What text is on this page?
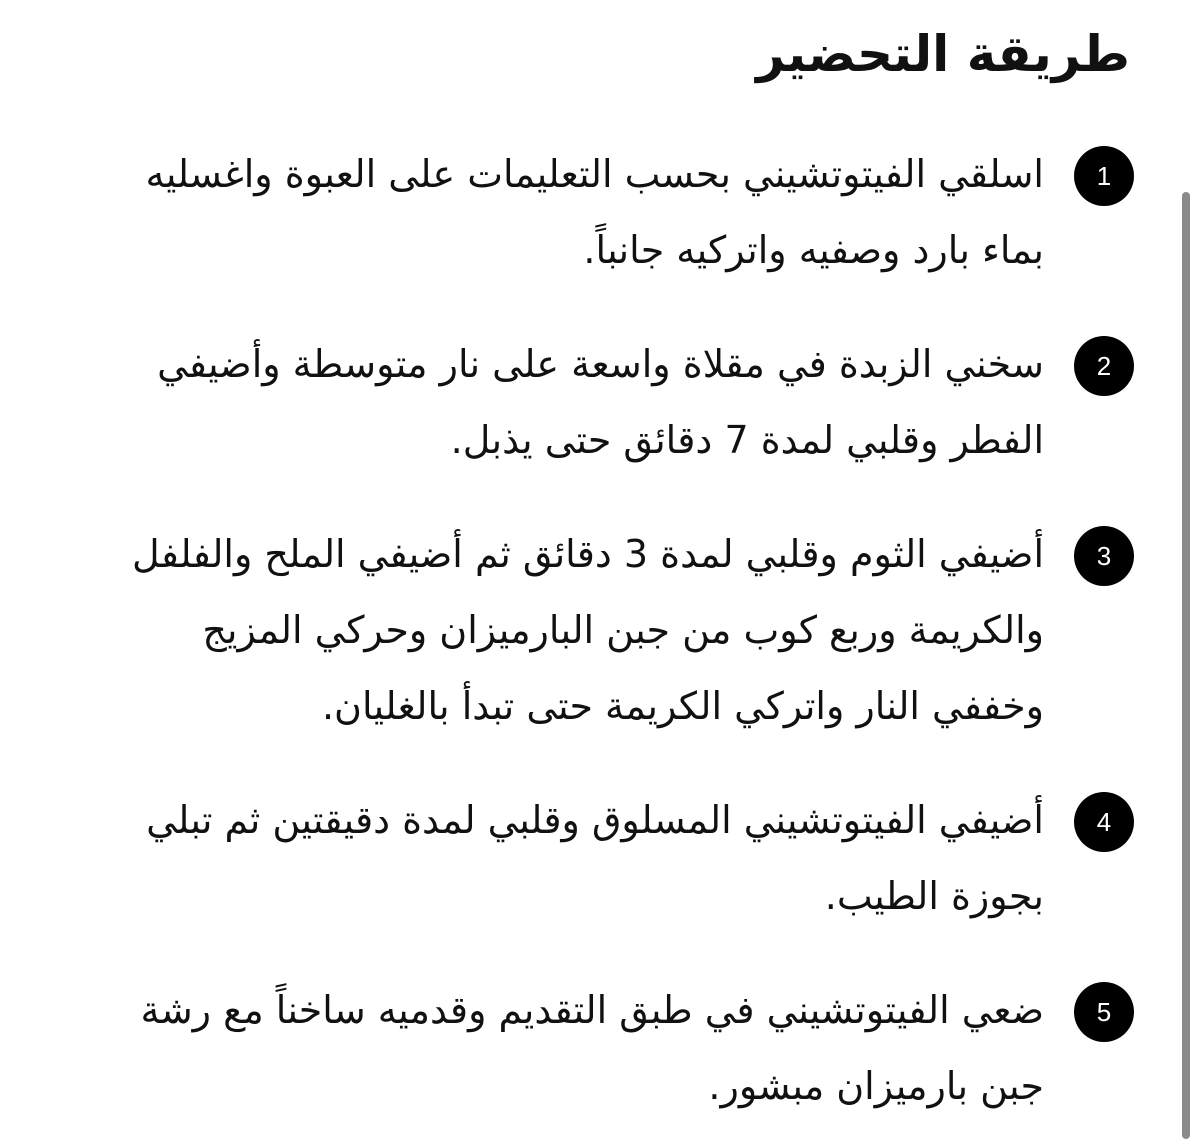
طريقة التحضير
1

اسلقي الفيتوتشيني بحسب التعليمات على العبوة واغسليه بماء بارد وصفيه واتركيه جانباً.

2

سخني الزبدة في مقلاة واسعة على نار متوسطة وأضيفي الفطر وقلبي لمدة 7 دقائق حتى يذبل.

3

أضيفي الثوم وقلبي لمدة 3 دقائق ثم أضيفي الملح والفلفل والكريمة وربع كوب من جبن البارميزان وحركي المزيج وخففي النار واتركي الكريمة حتى تبدأ بالغليان.

4

أضيفي الفيتوتشيني المسلوق وقلبي لمدة دقيقتين ثم تبلي بجوزة الطيب.

5

ضعي الفيتوتشيني في طبق التقديم وقدميه ساخناً مع رشة جبن بارميزان مبشور.
